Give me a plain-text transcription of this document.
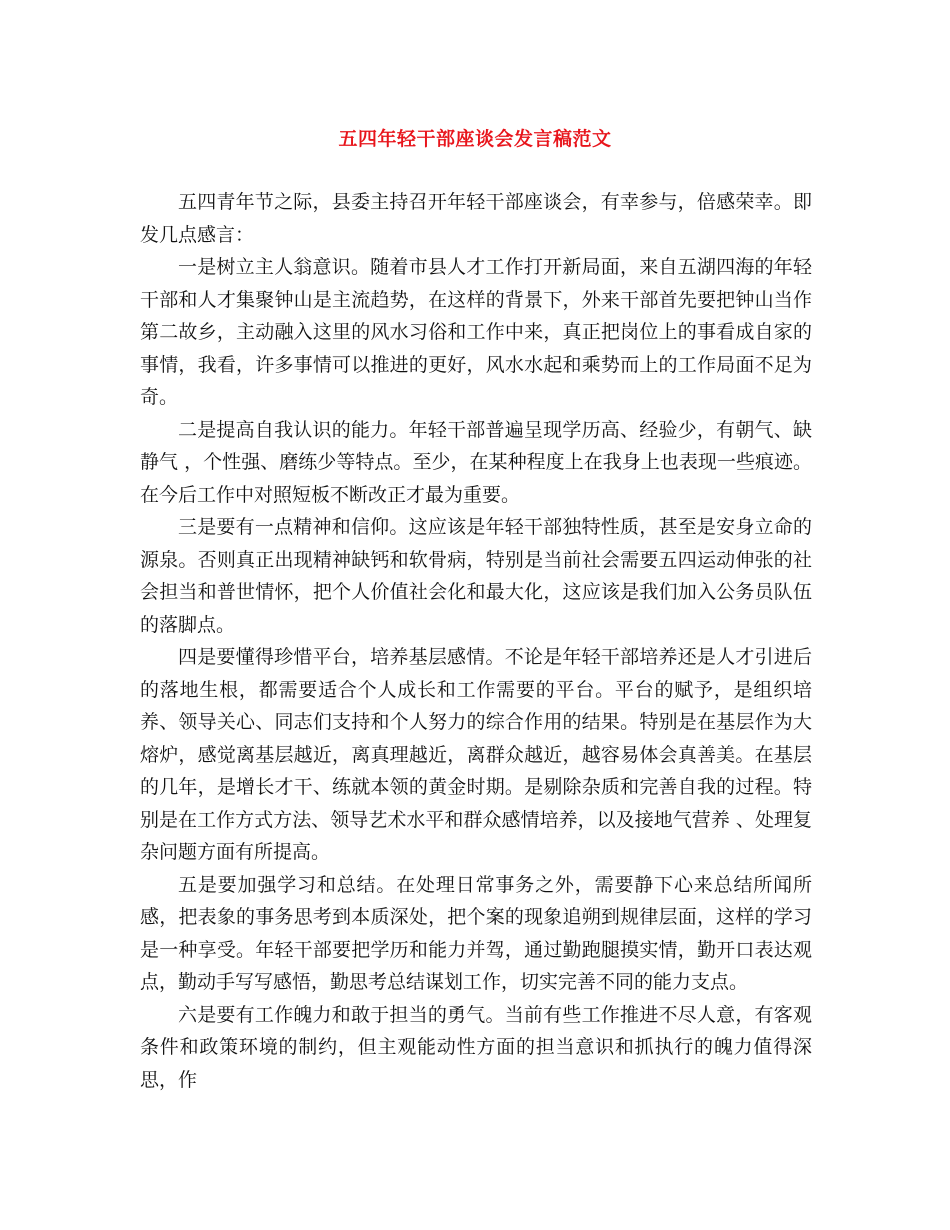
五四年轻干部座谈会发言稿范文

五四青年节之际，县委主持召开年轻干部座谈会，有幸参与，倍感荣幸。即发几点感言：

一是树立主人翁意识。随着市县人才工作打开新局面，来自五湖四海的年轻干部和人才集聚钟山是主流趋势，在这样的背景下，外来干部首先要把钟山当作第二故乡，主动融入这里的风水习俗和工作中来，真正把岗位上的事看成自家的事情，我看，许多事情可以推进的更好，风水水起和乘势而上的工作局面不足为奇。

二是提高自我认识的能力。年轻干部普遍呈现学历高、经验少，有朝气、缺静气 ，个性强、磨练少等特点。至少，在某种程度上在我身上也表现一些痕迹。在今后工作中对照短板不断改正才最为重要。

三是要有一点精神和信仰。这应该是年轻干部独特性质，甚至是安身立命的源泉。否则真正出现精神缺钙和软骨病，特别是当前社会需要五四运动伸张的社会担当和普世情怀，把个人价值社会化和最大化，这应该是我们加入公务员队伍的落脚点。

四是要懂得珍惜平台，培养基层感情。不论是年轻干部培养还是人才引进后的落地生根，都需要适合个人成长和工作需要的平台。平台的赋予，是组织培养、领导关心、同志们支持和个人努力的综合作用的结果。特别是在基层作为大熔炉，感觉离基层越近，离真理越近，离群众越近，越容易体会真善美。在基层的几年，是增长才干、练就本领的黄金时期。是剔除杂质和完善自我的过程。特别是在工作方式方法、领导艺术水平和群众感情培养，以及接地气营养 、处理复杂问题方面有所提高。

五是要加强学习和总结。在处理日常事务之外，需要静下心来总结所闻所感，把表象的事务思考到本质深处，把个案的现象追朔到规律层面，这样的学习是一种享受。年轻干部要把学历和能力并驾，通过勤跑腿摸实情，勤开口表达观点，勤动手写写感悟，勤思考总结谋划工作，切实完善不同的能力支点。

六是要有工作魄力和敢于担当的勇气。当前有些工作推进不尽人意，有客观条件和政策环境的制约，但主观能动性方面的担当意识和抓执行的魄力值得深思，作
